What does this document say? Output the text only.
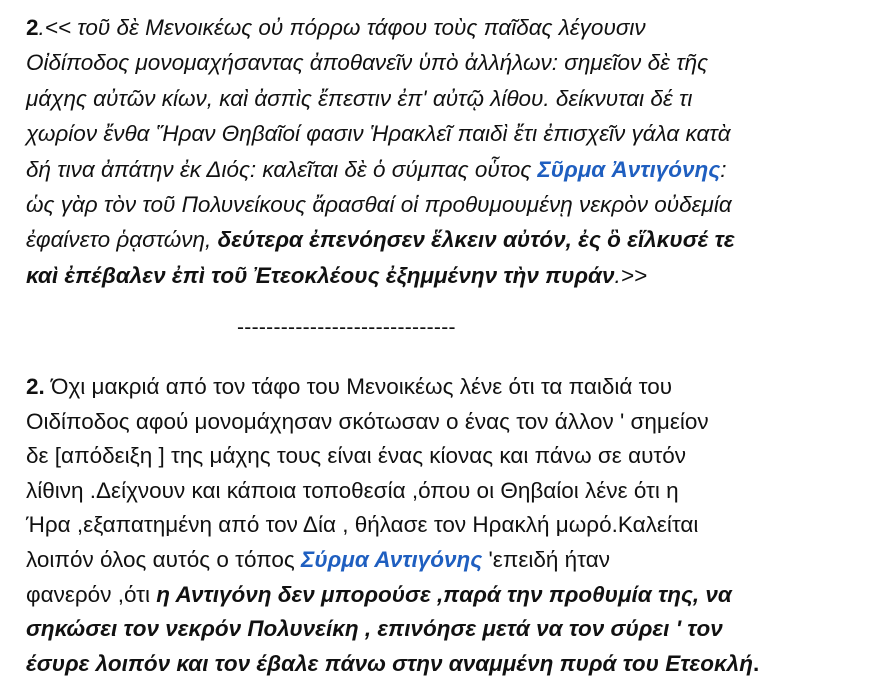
2.<< τοῦ δὲ Μενοικέως οὐ πόρρω τάφου τοὺς παῖδας λέγουσιν
Οἰδίποδος μονομαχήσαντας ἀποθανεῖν ὑπὸ ἀλλήλων: σημεῖον δὲ τῆς
μάχης αὐτῶν κίων, καὶ ἀσπὶς ἔπεστιν ἐπ' αὐτῷ λίθου. δείκνυται δέ τι
χωρίον ἔνθα Ἥραν Θηβαῖοί φασιν Ἡρακλεῖ παιδὶ ἔτι ἐπισχεῖν γάλα κατὰ
δή τινα ἀπάτην ἐκ Διός: καλεῖται δὲ ὁ σύμπας οὗτος Σῦρμα Ἀντιγόνης:
ὡς γὰρ τὸν τοῦ Πολυνείκους ἄρασθαί οἱ προθυμουμένῃ νεκρὸν οὐδεμία
ἐφαίνετο ῥᾳστώνη, δεύτερα ἐπενόησεν ἕλκειν αὐτόν, ἐς ὃ εἵλκυσέ τε
καὶ ἐπέβαλεν ἐπὶ τοῦ Ἐτεοκλέους ἐξημμένην τὴν πυράν.>>
------------------------------
2. Όχι μακριά από τον τάφο του Μενοικέως λένε ότι τα παιδιά του
Οιδίποδος αφού μονομάχησαν σκότωσαν ο ένας τον άλλον ' σημείον
δε [απόδειξη ] της μάχης τους είναι ένας κίονας και πάνω σε αυτόν
λίθινη .Δείχνουν και κάποια τοποθεσία ,όπου οι Θηβαίοι λένε ότι η
Ήρα ,εξαπατημένη από τον Δία , θήλασε τον Ηρακλή μωρό.Καλείται
λοιπόν όλος αυτός ο τόπος Σύρμα Αντιγόνης 'επειδή ήταν
φανερόν ,ότι η Αντιγόνη δεν μπορούσε ,παρά την προθυμία της, να
σηκώσει τον νεκρόν Πολυνείκη , επινόησε μετά να τον σύρει ' τον
έσυρε λοιπόν και τον έβαλε πάνω στην αναμμένη πυρά του Ετεοκλή.
